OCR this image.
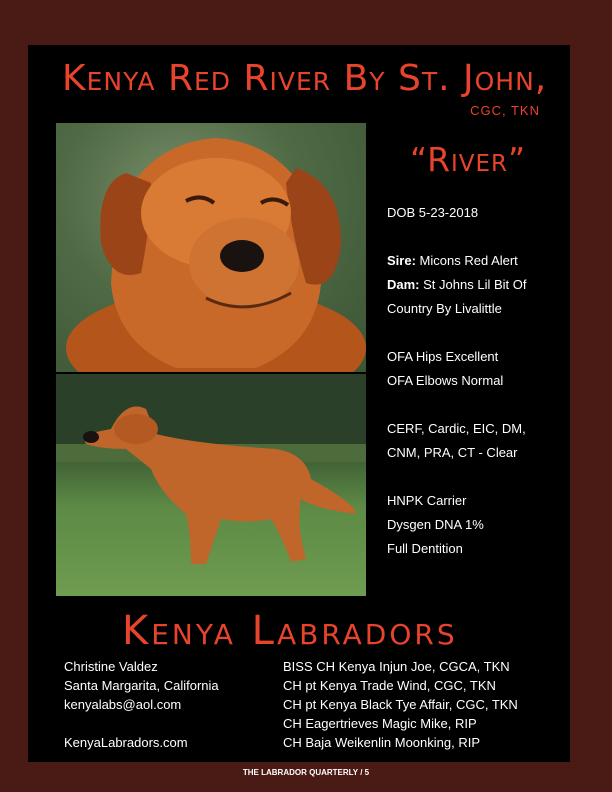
Kenya Red River By St. John,
CGC, TKN
“River”
DOB 5-23-2018
Sire: Micons Red Alert
Dam: St Johns Lil Bit Of
Country By Livalittle
OFA Hips Excellent
OFA Elbows Normal
CERF, Cardic, EIC, DM,
CNM, PRA, CT - Clear
HNPK Carrier
Dysgen DNA 1%
Full Dentition
Kenya Labradors
Christine Valdez
Santa Margarita, California
kenyalabs@aol.com
KenyaLabradors.com
BISS CH Kenya Injun Joe, CGCA, TKN
CH pt Kenya Trade Wind, CGC, TKN
CH pt Kenya Black Tye Affair, CGC, TKN
CH Eagertrieves Magic Mike, RIP
CH Baja Weikenlin Moonking, RIP
THE LABRADOR QUARTERLY / 5
